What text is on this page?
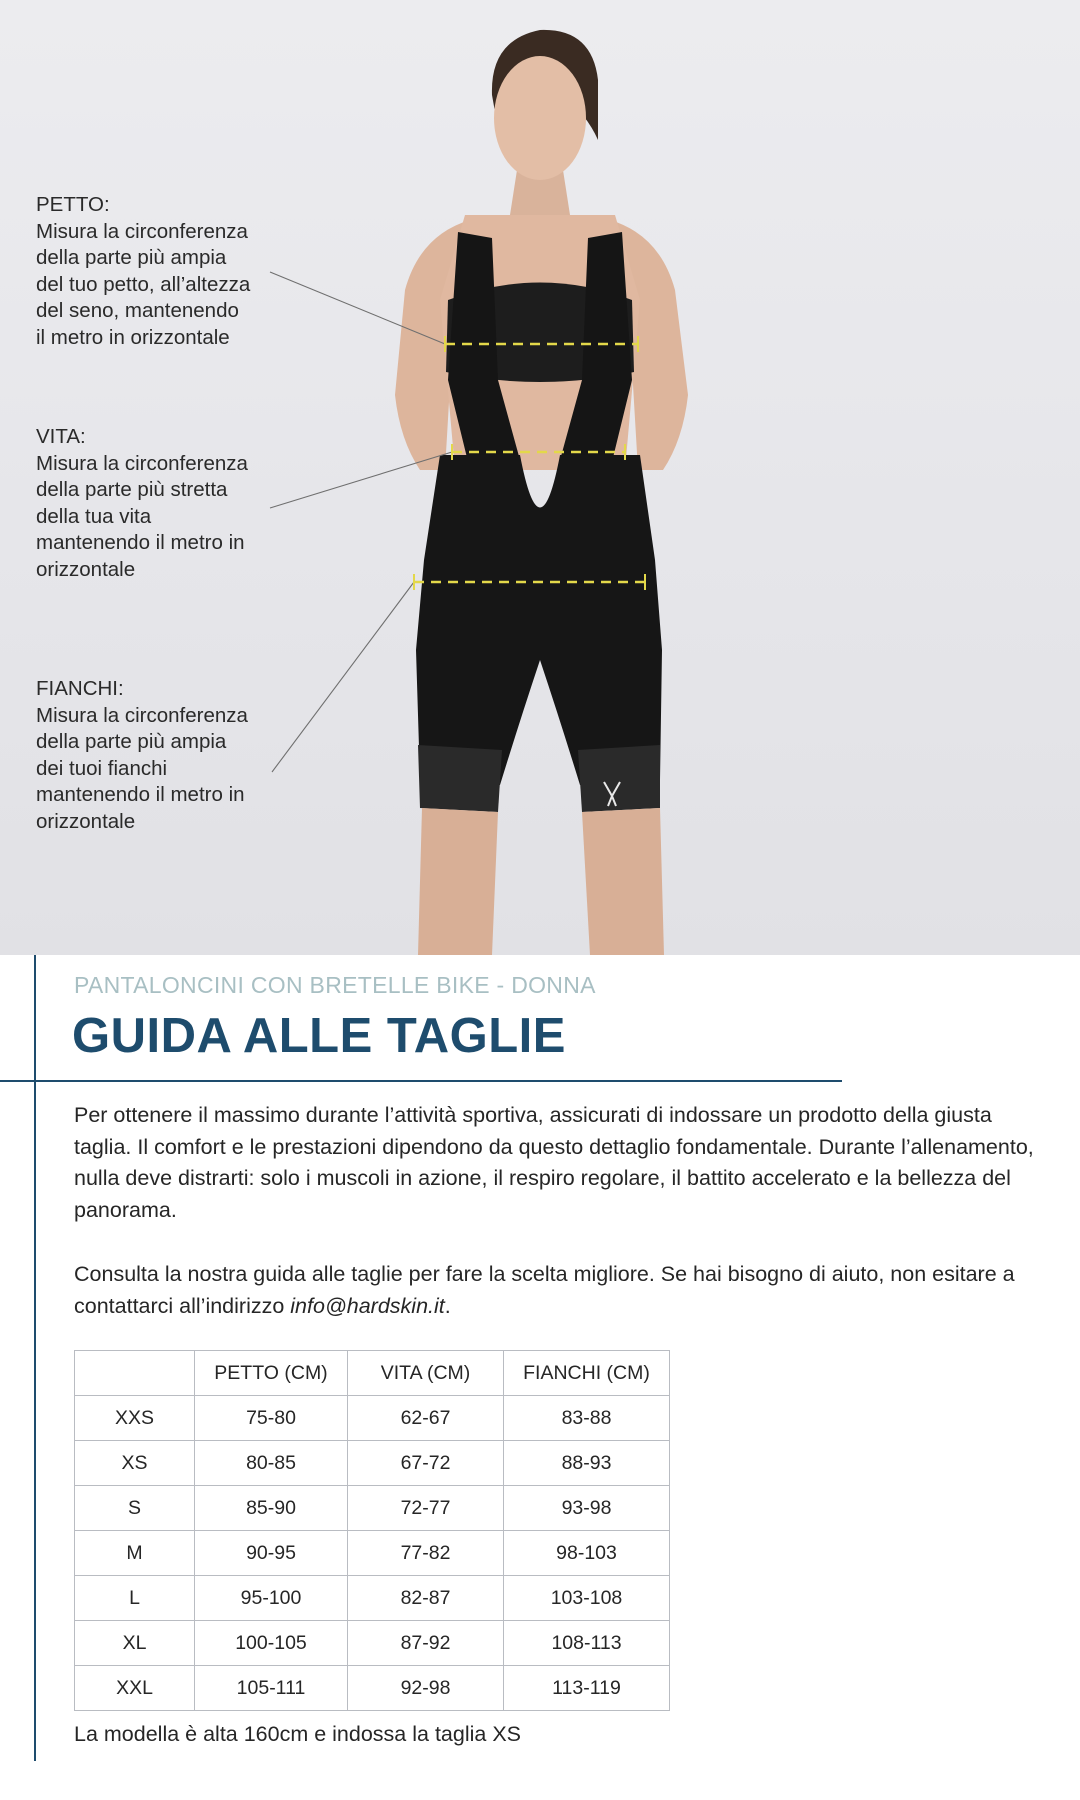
PETTO:
Misura la circonferenza
della parte più ampia
del tuo petto, all’altezza
del seno, mantenendo
il metro in orizzontale
VITA:
Misura la circonferenza
della parte più stretta
della tua vita
mantenendo il metro in
orizzontale
FIANCHI:
Misura la circonferenza
della parte più ampia
dei tuoi fianchi
mantenendo il metro in
orizzontale
PANTALONCINI CON BRETELLE BIKE - DONNA
GUIDA ALLE TAGLIE
Per ottenere il massimo durante l’attività sportiva, assicurati di indossare un prodotto della giusta taglia. Il comfort e le prestazioni dipendono da questo dettaglio fondamentale. Durante l’allenamento, nulla deve distrarti: solo i muscoli in azione, il respiro regolare, il battito accelerato e la bellezza del panorama.
Consulta la nostra guida alle taglie per fare la scelta migliore. Se hai bisogno di aiuto, non esitare a contattarci all’indirizzo info@hardskin.it.
	PETTO (CM)	VITA (CM)	FIANCHI (CM)
XXS	75-80	62-67	83-88
XS	80-85	67-72	88-93
S	85-90	72-77	93-98
M	90-95	77-82	98-103
L	95-100	82-87	103-108
XL	100-105	87-92	108-113
XXL	105-111	92-98	113-119
La modella è alta 160cm e indossa la taglia XS
